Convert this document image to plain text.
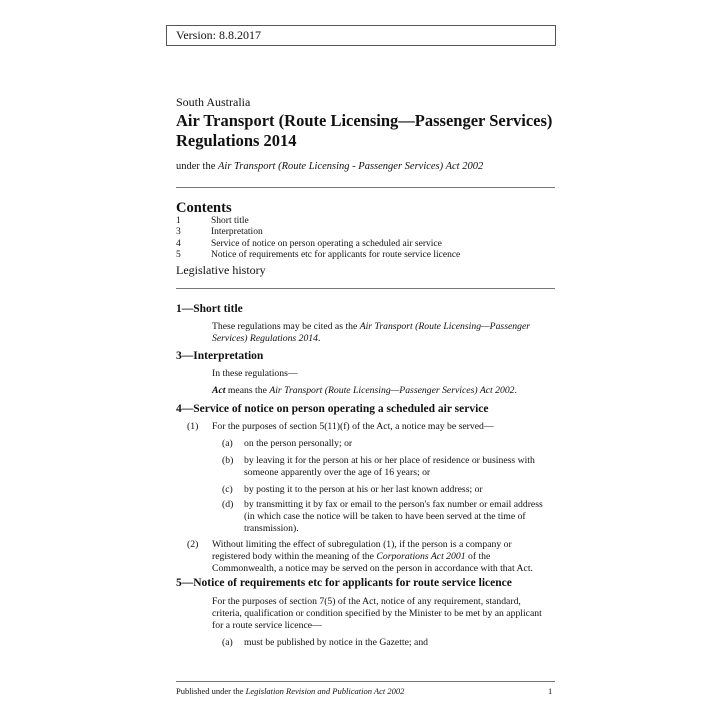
Version: 8.8.2017
South Australia
Air Transport (Route Licensing—Passenger Services)
Regulations 2014
under the Air Transport (Route Licensing - Passenger Services) Act 2002
Contents
1	Short title
3	Interpretation
4	Service of notice on person operating a scheduled air service
5	Notice of requirements etc for applicants for route service licence
Legislative history
1—Short title
These regulations may be cited as the Air Transport (Route Licensing—Passenger
Services) Regulations 2014.
3—Interpretation
In these regulations—
Act means the Air Transport (Route Licensing—Passenger Services) Act 2002.
4—Service of notice on person operating a scheduled air service
(1)	For the purposes of section 5(11)(f) of the Act, a notice may be served—
(a)	on the person personally; or
(b)	by leaving it for the person at his or her place of residence or business with
someone apparently over the age of 16 years; or
(c)	by posting it to the person at his or her last known address; or
(d)	by transmitting it by fax or email to the person's fax number or email address
(in which case the notice will be taken to have been served at the time of
transmission).
(2)	Without limiting the effect of subregulation (1), if the person is a company or
registered body within the meaning of the Corporations Act 2001 of the
Commonwealth, a notice may be served on the person in accordance with that Act.
5—Notice of requirements etc for applicants for route service licence
For the purposes of section 7(5) of the Act, notice of any requirement, standard,
criteria, qualification or condition specified by the Minister to be met by an applicant
for a route service licence—
(a)	must be published by notice in the Gazette; and
Published under the Legislation Revision and Publication Act 2002	1
